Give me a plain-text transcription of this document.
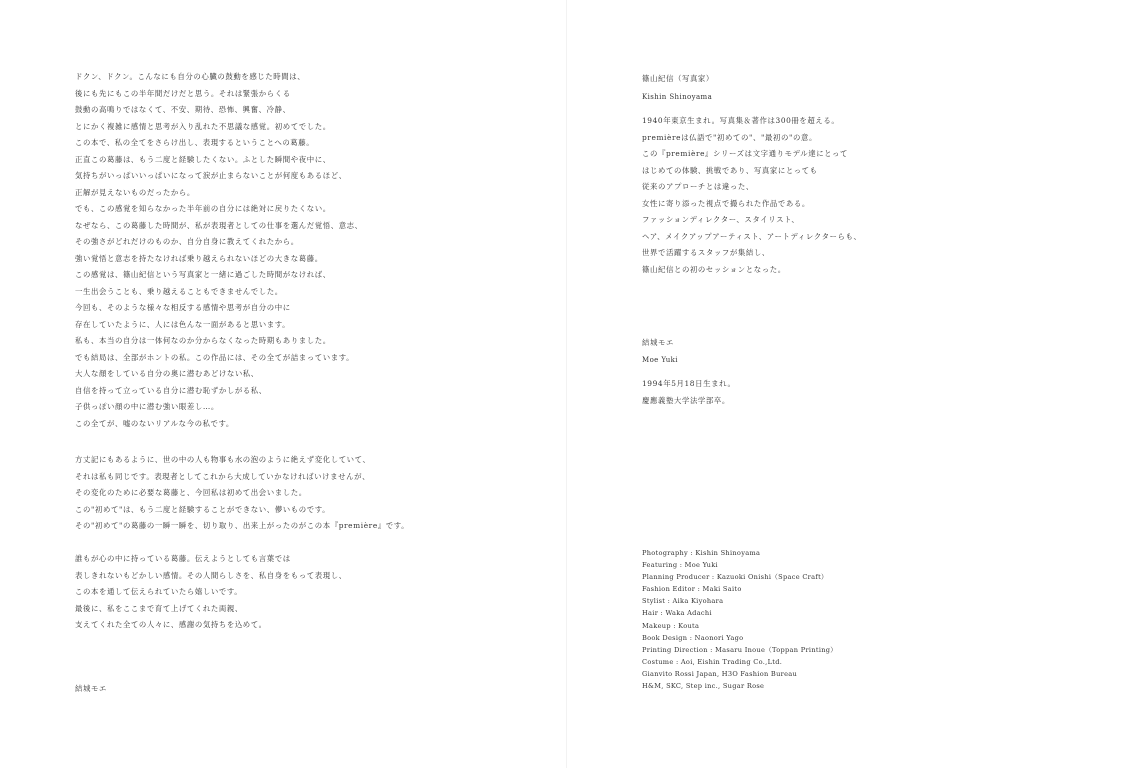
ドクン、ドクン。こんなにも自分の心臓の鼓動を感じた時間は、
後にも先にもこの半年間だけだと思う。それは緊張からくる
鼓動の高鳴りではなくて、不安、期待、恐怖、興奮、冷静、
とにかく複雑に感情と思考が入り乱れた不思議な感覚。初めてでした。
この本で、私の全てをさらけ出し、表現するということへの葛藤。
正直この葛藤は、もう二度と経験したくない。ふとした瞬間や夜中に、
気持ちがいっぱいいっぱいになって涙が止まらないことが何度もあるほど、
正解が見えないものだったから。
でも、この感覚を知らなかった半年前の自分には絶対に戻りたくない。
なぜなら、この葛藤した時間が、私が表現者としての仕事を選んだ覚悟、意志、
その強さがどれだけのものか、自分自身に教えてくれたから。
強い覚悟と意志を持たなければ乗り越えられないほどの大きな葛藤。
この感覚は、篠山紀信という写真家と一緒に過ごした時間がなければ、
一生出会うことも、乗り越えることもできませんでした。
今回も、そのような様々な相反する感情や思考が自分の中に
存在していたように、人には色んな一面があると思います。
私も、本当の自分は一体何なのか分からなくなった時期もありました。
でも結局は、全部がホントの私。この作品には、その全てが詰まっています。
大人な顔をしている自分の奥に潜むあどけない私、
自信を持って立っている自分に潜む恥ずかしがる私、
子供っぽい顔の中に潜む強い眼差し…。
この全てが、嘘のないリアルな今の私です。
方丈記にもあるように、世の中の人も物事も水の泡のように絶えず変化していて、
それは私も同じです。表現者としてこれから大成していかなければいけませんが、
その変化のために必要な葛藤と、今回私は初めて出会いました。
この"初めて"は、もう二度と経験することができない、儚いものです。
その"初めて"の葛藤の一瞬一瞬を、切り取り、出来上がったのがこの本『première』です。
誰もが心の中に持っている葛藤。伝えようとしても言葉では
表しきれないもどかしい感情。その人間らしさを、私自身をもって表現し、
この本を通して伝えられていたら嬉しいです。
最後に、私をここまで育て上げてくれた両親、
支えてくれた全ての人々に、感謝の気持ちを込めて。
結城モエ
篠山紀信（写真家）
Kishin Shinoyama
1940年東京生まれ。写真集＆著作は300冊を超える。
premièreは仏語で"初めての"、"最初の"の意。
この『première』シリーズは文字通りモデル達にとって
はじめての体験、挑戦であり、写真家にとっても
従来のアプローチとは違った、
女性に寄り添った視点で撮られた作品である。
ファッションディレクター、スタイリスト、
ヘア、メイクアップアーティスト、アートディレクターらも、
世界で活躍するスタッフが集結し、
篠山紀信との初のセッションとなった。
結城モエ
Moe Yuki
1994年5月18日生まれ。
慶應義塾大学法学部卒。
Photography : Kishin Shinoyama
Featuring : Moe Yuki
Planning Producer : Kazuoki Onishi（Space Craft）
Fashion Editor : Maki Saito
Stylist : Aika Kiyohara
Hair : Waka Adachi
Makeup : Kouta
Book Design : Naonori Yago
Printing Direction : Masaru Inoue（Toppan Printing）
Costume : Aoi, Eishin Trading Co.,Ltd.
Gianvito Rossi Japan, H3O Fashion Bureau
H&M, SKC, Step inc., Sugar Rose
